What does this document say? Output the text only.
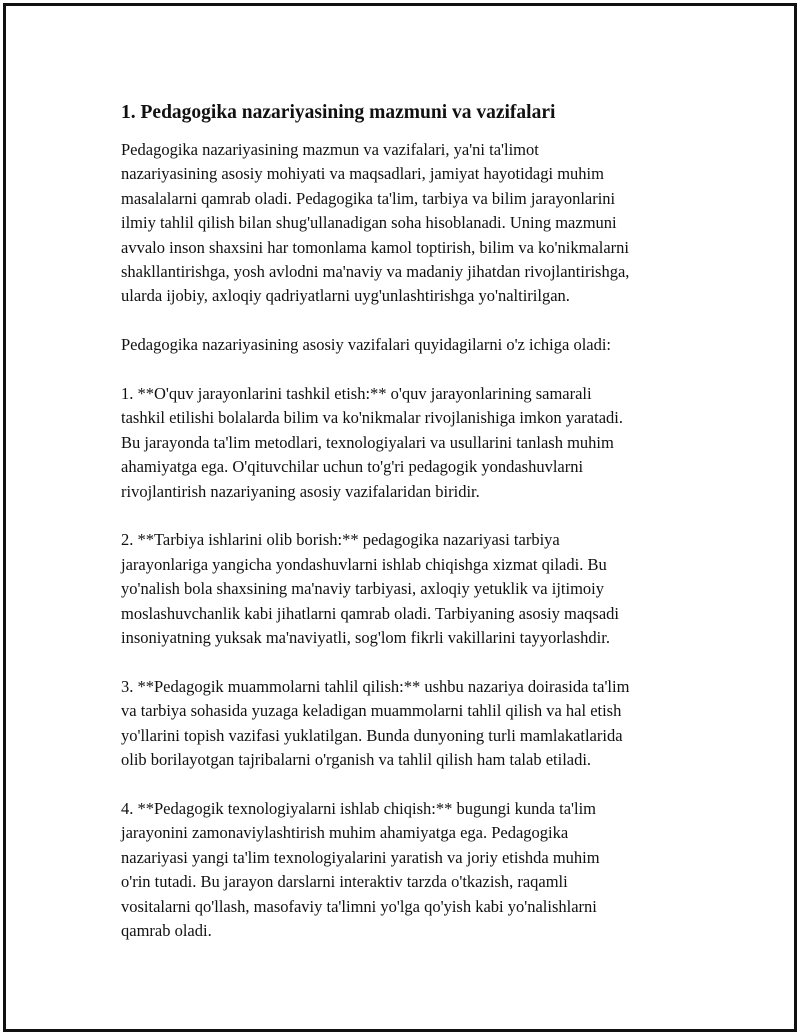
1. Pedagogika nazariyasining mazmuni va vazifalari

Pedagogika nazariyasining mazmun va vazifalari, ya'ni ta'limot
nazariyasining asosiy mohiyati va maqsadlari, jamiyat hayotidagi muhim
masalalarni qamrab oladi. Pedagogika ta'lim, tarbiya va bilim jarayonlarini
ilmiy tahlil qilish bilan shug'ullanadigan soha hisoblanadi. Uning mazmuni
avvalo inson shaxsini har tomonlama kamol toptirish, bilim va ko'nikmalarni
shakllantirishga, yosh avlodni ma'naviy va madaniy jihatdan rivojlantirishga,
ularda ijobiy, axloqiy qadriyatlarni uyg'unlashtirishga yo'naltirilgan.

Pedagogika nazariyasining asosiy vazifalari quyidagilarni o'z ichiga oladi:

1. **O'quv jarayonlarini tashkil etish:** o'quv jarayonlarining samarali
tashkil etilishi bolalarda bilim va ko'nikmalar rivojlanishiga imkon yaratadi.
Bu jarayonda ta'lim metodlari, texnologiyalari va usullarini tanlash muhim
ahamiyatga ega. O'qituvchilar uchun to'g'ri pedagogik yondashuvlarni
rivojlantirish nazariyaning asosiy vazifalaridan biridir.

2. **Tarbiya ishlarini olib borish:** pedagogika nazariyasi tarbiya
jarayonlariga yangicha yondashuvlarni ishlab chiqishga xizmat qiladi. Bu
yo'nalish bola shaxsining ma'naviy tarbiyasi, axloqiy yetuklik va ijtimoiy
moslashuvchanlik kabi jihatlarni qamrab oladi. Tarbiyaning asosiy maqsadi
insoniyatning yuksak ma'naviyatli, sog'lom fikrli vakillarini tayyorlashdir.

3. **Pedagogik muammolarni tahlil qilish:** ushbu nazariya doirasida ta'lim
va tarbiya sohasida yuzaga keladigan muammolarni tahlil qilish va hal etish
yo'llarini topish vazifasi yuklatilgan. Bunda dunyoning turli mamlakatlarida
olib borilayotgan tajribalarni o'rganish va tahlil qilish ham talab etiladi.

4. **Pedagogik texnologiyalarni ishlab chiqish:** bugungi kunda ta'lim
jarayonini zamonaviylashtirish muhim ahamiyatga ega. Pedagogika
nazariyasi yangi ta'lim texnologiyalarini yaratish va joriy etishda muhim
o'rin tutadi. Bu jarayon darslarni interaktiv tarzda o'tkazish, raqamli
vositalarni qo'llash, masofaviy ta'limni yo'lga qo'yish kabi yo'nalishlarni
qamrab oladi.
